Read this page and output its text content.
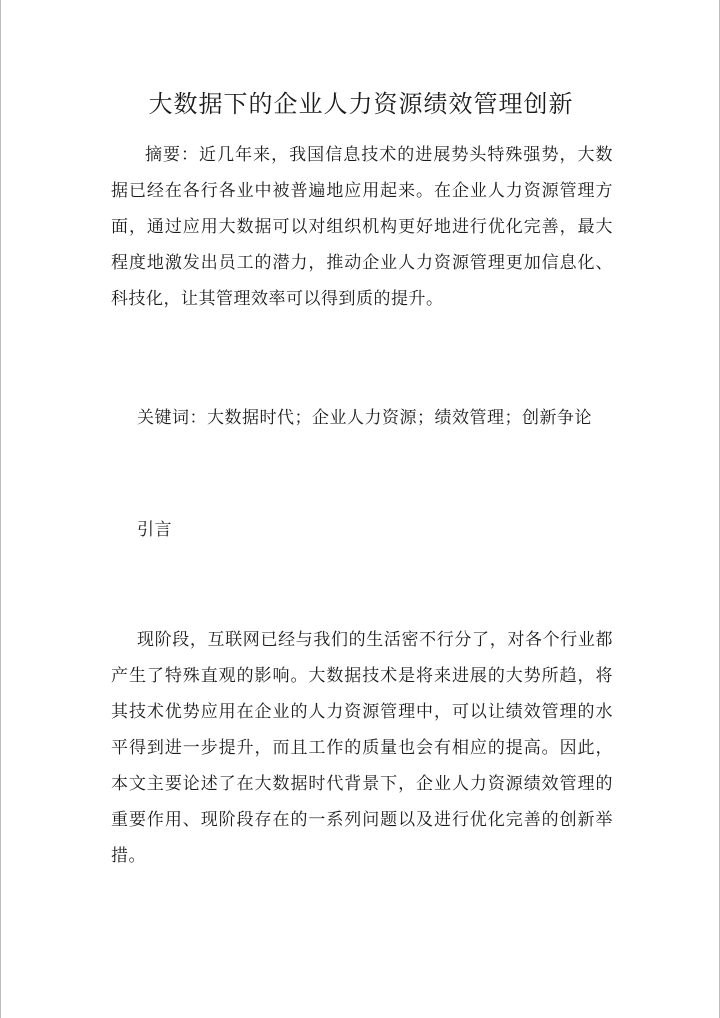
大数据下的企业人力资源绩效管理创新
摘要：近几年来，我国信息技术的进展势头特殊强势，大数据已经在各行各业中被普遍地应用起来。在企业人力资源管理方面，通过应用大数据可以对组织机构更好地进行优化完善，最大程度地激发出员工的潜力，推动企业人力资源管理更加信息化、科技化，让其管理效率可以得到质的提升。
关键词：大数据时代；企业人力资源；绩效管理；创新争论
引言
现阶段，互联网已经与我们的生活密不行分了，对各个行业都产生了特殊直观的影响。大数据技术是将来进展的大势所趋，将其技术优势应用在企业的人力资源管理中，可以让绩效管理的水平得到进一步提升，而且工作的质量也会有相应的提高。因此，本文主要论述了在大数据时代背景下，企业人力资源绩效管理的重要作用、现阶段存在的一系列问题以及进行优化完善的创新举措。
